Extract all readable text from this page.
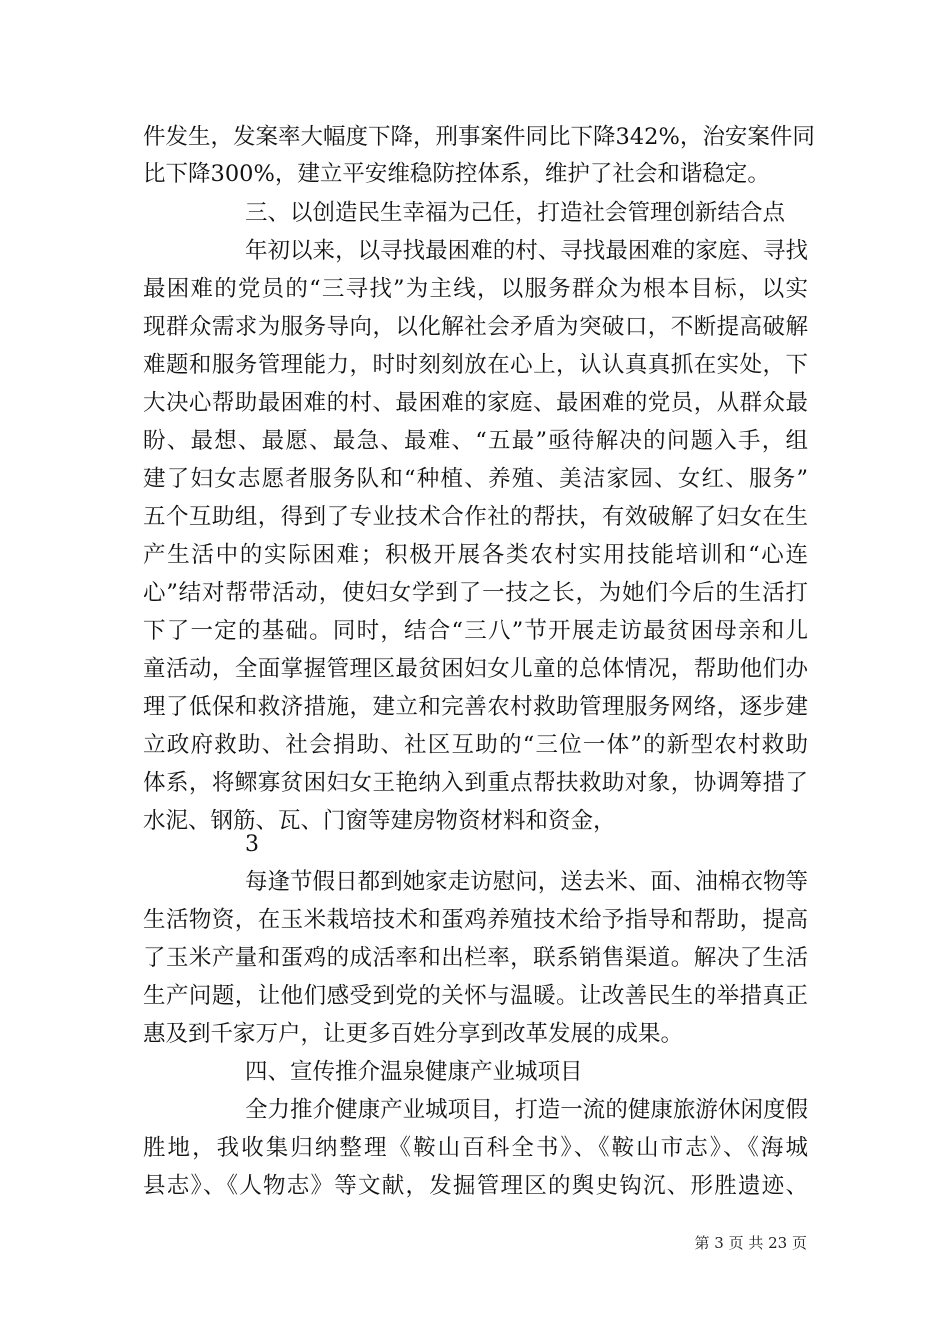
件发生，发案率大幅度下降，刑事案件同比下降342%，治安案件同
比下降300%，建立平安维稳防控体系，维护了社会和谐稳定。
三、以创造民生幸福为己任，打造社会管理创新结合点
年初以来，以寻找最困难的村、寻找最困难的家庭、寻找
最困难的党员的“三寻找”为主线，以服务群众为根本目标，以实
现群众需求为服务导向，以化解社会矛盾为突破口，不断提高破解
难题和服务管理能力，时时刻刻放在心上，认认真真抓在实处，下
大决心帮助最困难的村、最困难的家庭、最困难的党员，从群众最
盼、最想、最愿、最急、最难、“五最”亟待解决的问题入手，组
建了妇女志愿者服务队和“种植、养殖、美洁家园、女红、服务”
五个互助组，得到了专业技术合作社的帮扶，有效破解了妇女在生
产生活中的实际困难；积极开展各类农村实用技能培训和“心连
心”结对帮带活动，使妇女学到了一技之长，为她们今后的生活打
下了一定的基础。同时，结合“三八”节开展走访最贫困母亲和儿
童活动，全面掌握管理区最贫困妇女儿童的总体情况，帮助他们办
理了低保和救济措施，建立和完善农村救助管理服务网络，逐步建
立政府救助、社会捐助、社区互助的“三位一体”的新型农村救助
体系，将鳏寡贫困妇女王艳纳入到重点帮扶救助对象，协调筹措了
水泥、钢筋、瓦、门窗等建房物资材料和资金，
3
每逢节假日都到她家走访慰问，送去米、面、油棉衣物等
生活物资，在玉米栽培技术和蛋鸡养殖技术给予指导和帮助，提高
了玉米产量和蛋鸡的成活率和出栏率，联系销售渠道。解决了生活
生产问题，让他们感受到党的关怀与温暖。让改善民生的举措真正
惠及到千家万户，让更多百姓分享到改革发展的成果。
四、宣传推介温泉健康产业城项目
全力推介健康产业城项目，打造一流的健康旅游休闲度假
胜地，我收集归纳整理《鞍山百科全书》、《鞍山市志》、《海城
县志》、《人物志》等文献，发掘管理区的舆史钩沉、形胜遗迹、
第 3 页 共 23 页
